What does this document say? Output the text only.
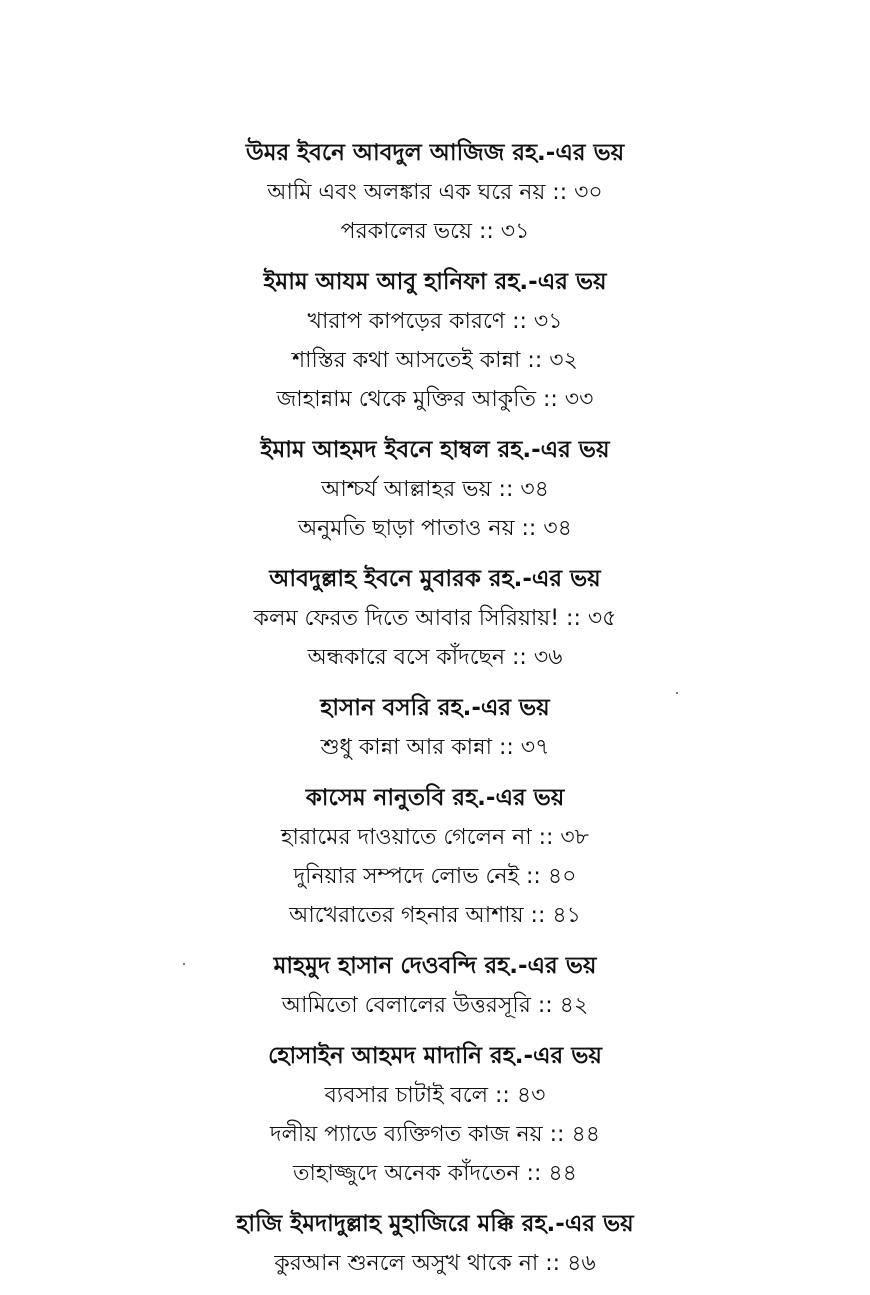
উমর ইবনে আবদুল আজিজ রহ.-এর ভয়
আমি এবং অলঙ্কার এক ঘরে নয় :: ৩০
পরকালের ভয়ে :: ৩১
ইমাম আযম আবু হানিফা রহ.-এর ভয়
খারাপ কাপড়ের কারণে :: ৩১
শাস্তির কথা আসতেই কান্না :: ৩২
জাহান্নাম থেকে মুক্তির আকুতি :: ৩৩
ইমাম আহমদ ইবনে হাম্বল রহ.-এর ভয়
আশ্চর্য আল্লাহর ভয় :: ৩৪
অনুমতি ছাড়া পাতাও নয় :: ৩৪
আবদুল্লাহ ইবনে মুবারক রহ.-এর ভয়
কলম ফেরত দিতে আবার সিরিয়ায়! :: ৩৫
অন্ধকারে বসে কাঁদছেন :: ৩৬
হাসান বসরি রহ.-এর ভয়
শুধু কান্না আর কান্না :: ৩৭
কাসেম নানুতবি রহ.-এর ভয়
হারামের দাওয়াতে গেলেন না :: ৩৮
দুনিয়ার সম্পদে লোভ নেই :: ৪০
আখেরাতের গহনার আশায় :: ৪১
মাহমুদ হাসান দেওবন্দি রহ.-এর ভয়
আমিতো বেলালের উত্তরসূরি :: ৪২
হোসাইন আহমদ মাদানি রহ.-এর ভয়
ব্যবসার চাটাই বলে :: ৪৩
দলীয় প্যাডে ব্যক্তিগত কাজ নয় :: ৪৪
তাহাজ্জুদে অনেক কাঁদতেন :: ৪৪
হাজি ইমদাদুল্লাহ মুহাজিরে মক্কি রহ.-এর ভয়
কুরআন শুনলে অসুখ থাকে না :: ৪৬
